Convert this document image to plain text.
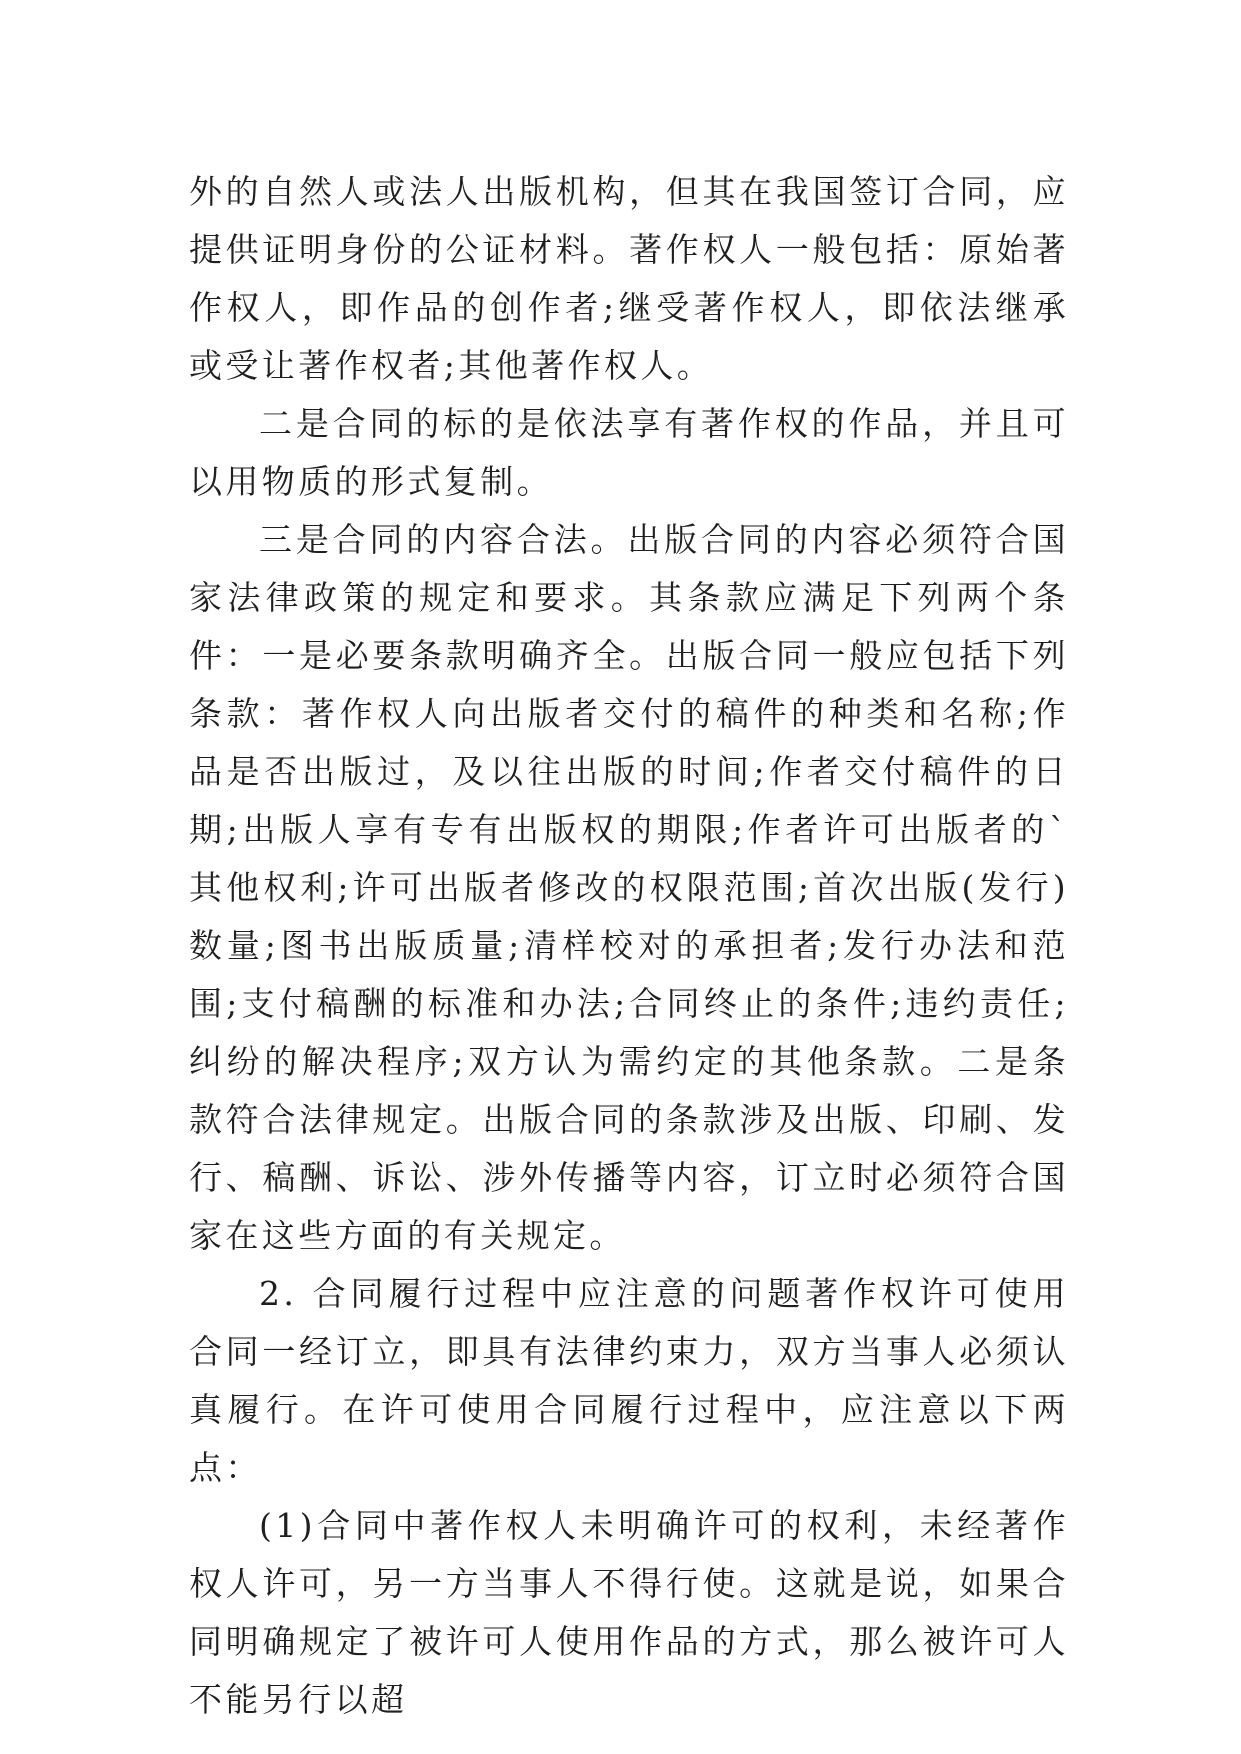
外的自然人或法人出版机构，但其在我国签订合同，应提供证明身份的公证材料。著作权人一般包括：原始著作权人，即作品的创作者;继受著作权人，即依法继承或受让著作权者;其他著作权人。

二是合同的标的是依法享有著作权的作品，并且可以用物质的形式复制。

三是合同的内容合法。出版合同的内容必须符合国家法律政策的规定和要求。其条款应满足下列两个条件：一是必要条款明确齐全。出版合同一般应包括下列条款：著作权人向出版者交付的稿件的种类和名称;作品是否出版过，及以往出版的时间;作者交付稿件的日期;出版人享有专有出版权的期限;作者许可出版者的`其他权利;许可出版者修改的权限范围;首次出版(发行)数量;图书出版质量;清样校对的承担者;发行办法和范围;支付稿酬的标准和办法;合同终止的条件;违约责任;纠纷的解决程序;双方认为需约定的其他条款。二是条款符合法律规定。出版合同的条款涉及出版、印刷、发行、稿酬、诉讼、涉外传播等内容，订立时必须符合国家在这些方面的有关规定。

2. 合同履行过程中应注意的问题著作权许可使用合同一经订立，即具有法律约束力，双方当事人必须认真履行。在许可使用合同履行过程中，应注意以下两点：

(1)合同中著作权人未明确许可的权利，未经著作权人许可，另一方当事人不得行使。这就是说，如果合同明确规定了被许可人使用作品的方式，那么被许可人不能另行以超
